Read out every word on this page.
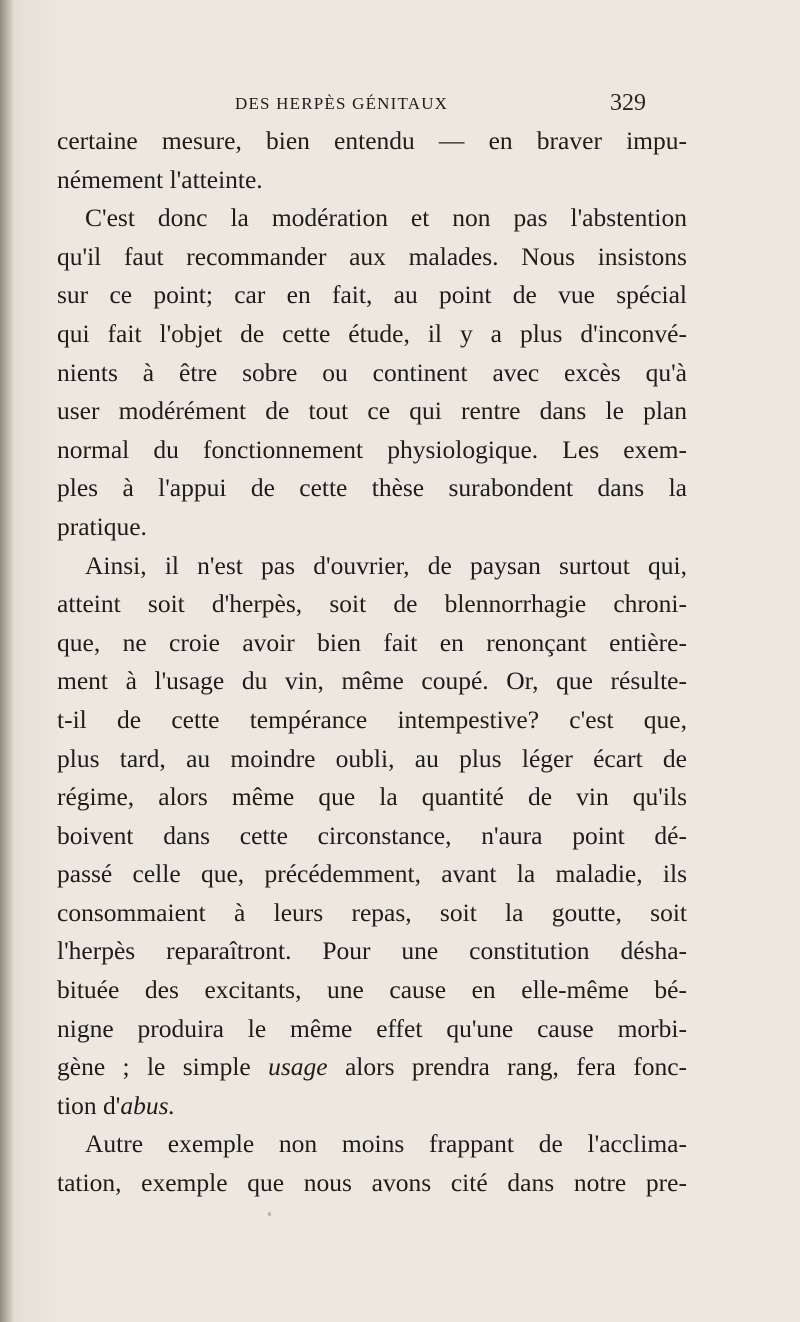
DES HERPÈS GÉNITAUX	329
certaine mesure, bien entendu — en braver impu-
némement l'atteinte.
C'est donc la modération et non pas l'abstention
qu'il faut recommander aux malades. Nous insistons
sur ce point; car en fait, au point de vue spécial
qui fait l'objet de cette étude, il y a plus d'inconvé-
nients à être sobre ou continent avec excès qu'à
user modérément de tout ce qui rentre dans le plan
normal du fonctionnement physiologique. Les exem-
ples à l'appui de cette thèse surabondent dans la
pratique.
Ainsi, il n'est pas d'ouvrier, de paysan surtout qui,
atteint soit d'herpès, soit de blennorrhagie chroni-
que, ne croie avoir bien fait en renonçant entière-
ment à l'usage du vin, même coupé. Or, que résulte-
t-il de cette tempérance intempestive? c'est que,
plus tard, au moindre oubli, au plus léger écart de
régime, alors même que la quantité de vin qu'ils
boivent dans cette circonstance, n'aura point dé-
passé celle que, précédemment, avant la maladie, ils
consommaient à leurs repas, soit la goutte, soit
l'herpès reparaîtront. Pour une constitution désha-
bituée des excitants, une cause en elle-même bé-
nigne produira le même effet qu'une cause morbi-
gène ; le simple usage alors prendra rang, fera fonc-
tion d'abus.
Autre exemple non moins frappant de l'acclima-
tation, exemple que nous avons cité dans notre pre-
